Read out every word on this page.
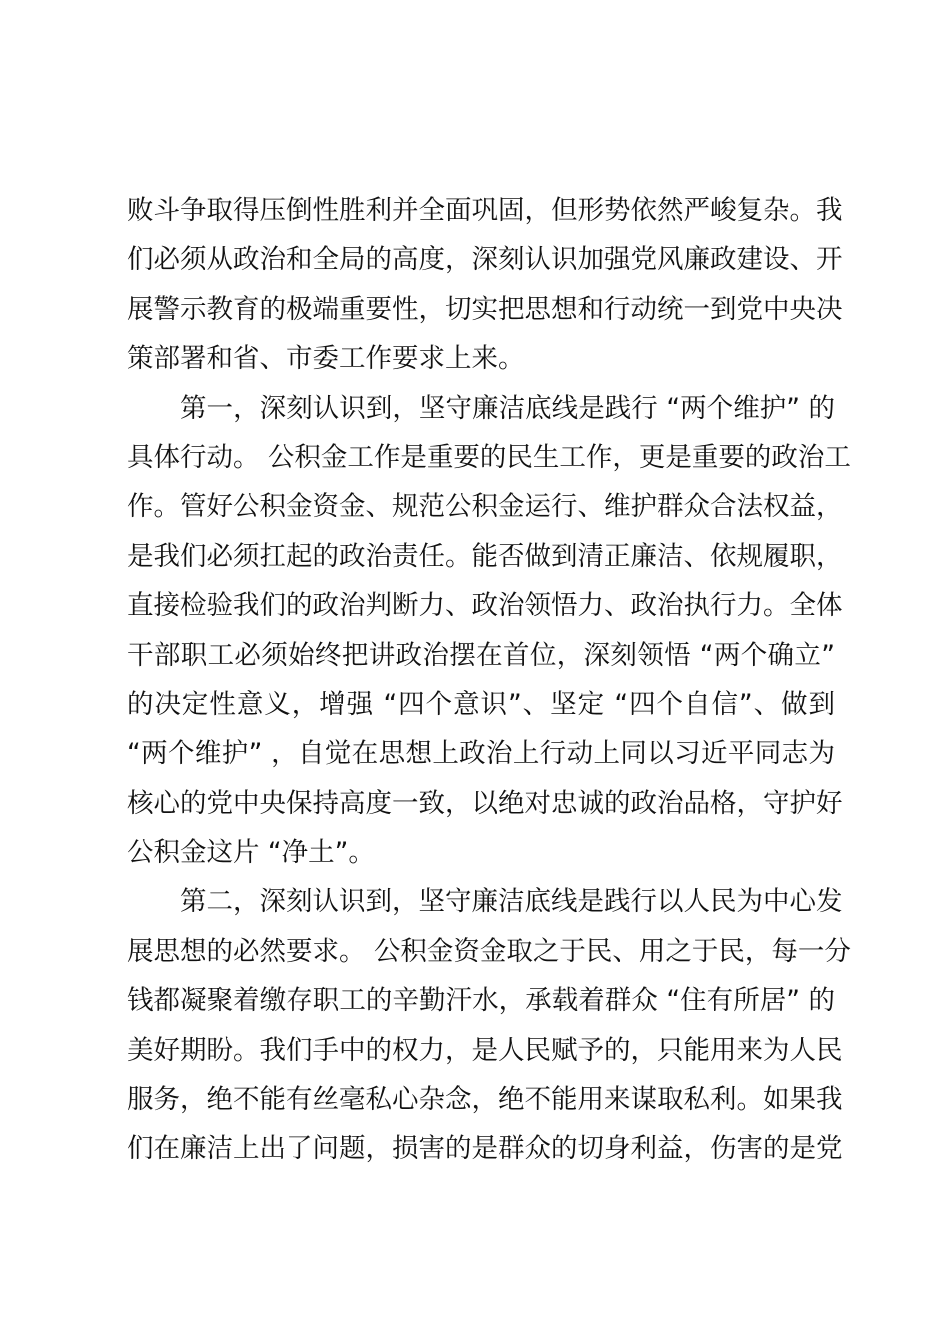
败斗争取得压倒性胜利并全面巩固，但形势依然严峻复杂。我
们必须从政治和全局的高度，深刻认识加强党风廉政建设、开
展警示教育的极端重要性，切实把思想和行动统一到党中央决
策部署和省、市委工作要求上来。
第一，深刻认识到，坚守廉洁底线是践行 “两个维护” 的
具体行动。 公积金工作是重要的民生工作，更是重要的政治工
作。管好公积金资金、规范公积金运行、维护群众合法权益，
是我们必须扛起的政治责任。能否做到清正廉洁、依规履职，
直接检验我们的政治判断力、政治领悟力、政治执行力。全体
干部职工必须始终把讲政治摆在首位，深刻领悟 “两个确立”
的决定性意义，增强 “四个意识”、坚定 “四个自信”、做到
“两个维护” ，自觉在思想上政治上行动上同以习近平同志为
核心的党中央保持高度一致，以绝对忠诚的政治品格，守护好
公积金这片 “净土”。
第二，深刻认识到，坚守廉洁底线是践行以人民为中心发
展思想的必然要求。 公积金资金取之于民、用之于民，每一分
钱都凝聚着缴存职工的辛勤汗水，承载着群众 “住有所居” 的
美好期盼。我们手中的权力，是人民赋予的，只能用来为人民
服务，绝不能有丝毫私心杂念，绝不能用来谋取私利。如果我
们在廉洁上出了问题，损害的是群众的切身利益，伤害的是党
